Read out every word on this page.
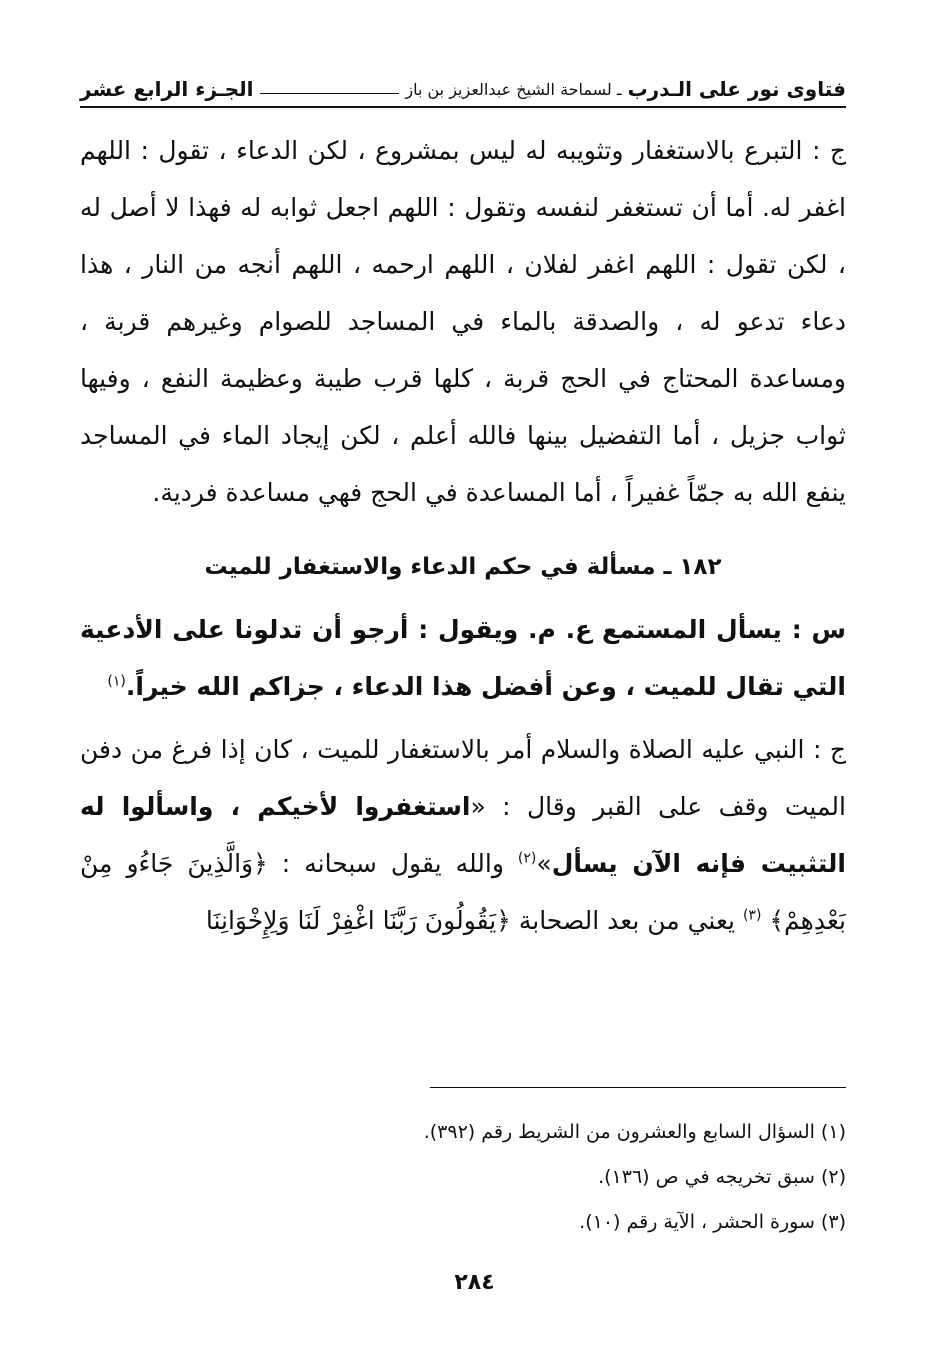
فتاوى نور على الـدرب
ـ لسماحة الشيخ عبدالعزيز بن باز
الجـزء الرابع عشر

ج : التبرع بالاستغفار وتثويبه له ليس بمشروع ، لكن الدعاء ، تقول : اللهم اغفر له. أما أن تستغفر لنفسه وتقول : اللهم اجعل ثوابه له فهذا لا أصل له ، لكن تقول : اللهم اغفر لفلان ، اللهم ارحمه ، اللهم أنجه من النار ، هذا دعاء تدعو له ، والصدقة بالماء في المساجد للصوام وغيرهم قربة ، ومساعدة المحتاج في الحج قربة ، كلها قرب طيبة وعظيمة النفع ، وفيها ثواب جزيل ، أما التفضيل بينها فالله أعلم ، لكن إيجاد الماء في المساجد ينفع الله به جمّاً غفيراً ، أما المساعدة في الحج فهي مساعدة فردية.

١٨٢ ـ مسألة في حكم الدعاء والاستغفار للميت

س : يسأل المستمع ع. م. ويقول : أرجو أن تدلونا على الأدعية التي تقال للميت ، وعن أفضل هذا الدعاء ، جزاكم الله خيراً.$^{(١)}$

ج : النبي عليه الصلاة والسلام أمر بالاستغفار للميت ، كان إذا فرغ من دفن الميت وقف على القبر وقال : «استغفروا لأخيكم ، واسألوا له التثبيت فإنه الآن يسأل»$^{(٢)}$ والله يقول سبحانه : ﴿وَالَّذِينَ جَاءُو مِنْ بَعْدِهِمْ﴾ $^{(٣)}$ يعني من بعد الصحابة ﴿يَقُولُونَ رَبَّنَا اغْفِرْ لَنَا وَلِإِخْوَانِنَا

(١) السؤال السابع والعشرون من الشريط رقم (٣٩٢).
(٢) سبق تخريجه في ص (١٣٦).
(٣) سورة الحشر ، الآية رقم (١٠).
٢٨٤
